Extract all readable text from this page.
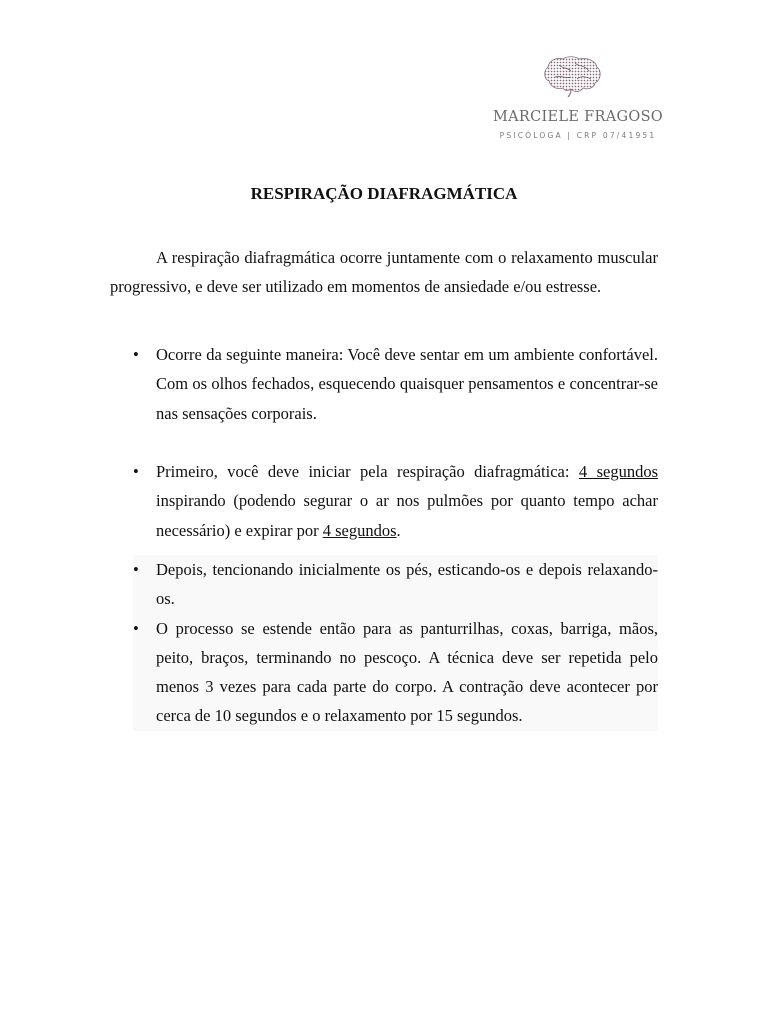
MARCIELE FRAGOSO
PSICÓLOGA | CRP 07/41951
RESPIRAÇÃO DIAFRAGMÁTICA

A respiração diafragmática ocorre juntamente com o relaxamento muscular progressivo, e deve ser utilizado em momentos de ansiedade e/ou estresse.

• Ocorre da seguinte maneira: Você deve sentar em um ambiente confortável. Com os olhos fechados, esquecendo quaisquer pensamentos e concentrar-se nas sensações corporais.
• Primeiro, você deve iniciar pela respiração diafragmática: 4 segundos inspirando (podendo segurar o ar nos pulmões por quanto tempo achar necessário) e expirar por 4 segundos.
• Depois, tencionando inicialmente os pés, esticando-os e depois relaxando-os.
• O processo se estende então para as panturrilhas, coxas, barriga, mãos, peito, braços, terminando no pescoço. A técnica deve ser repetida pelo menos 3 vezes para cada parte do corpo. A contração deve acontecer por cerca de 10 segundos e o relaxamento por 15 segundos.
